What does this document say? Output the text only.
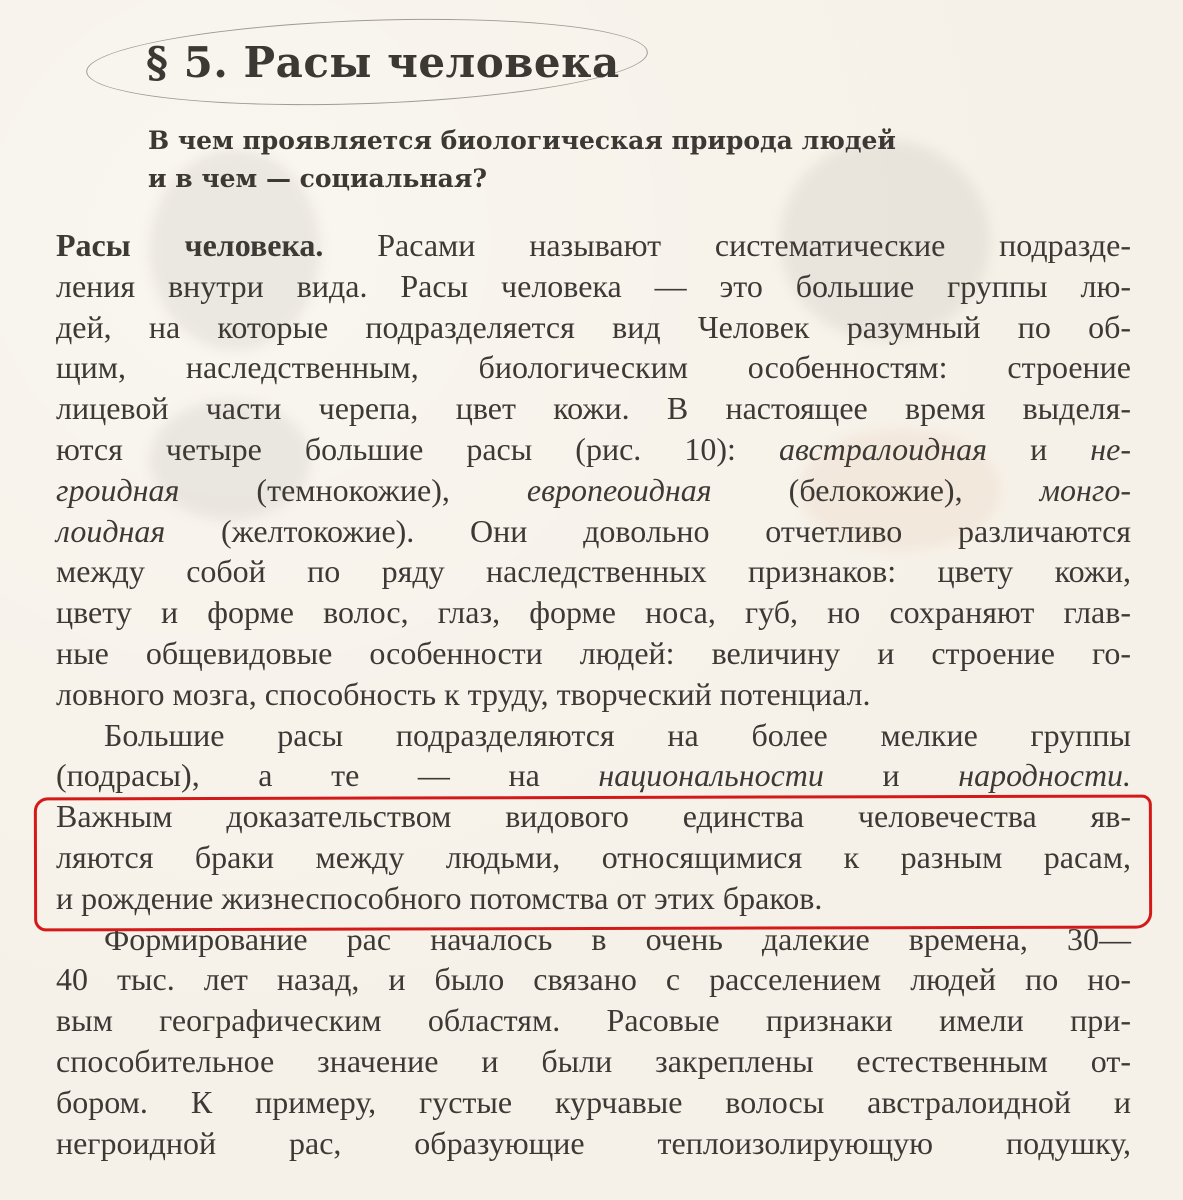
§ 5. Расы человека
В чем проявляется биологическая природа людей
и в чем — социальная?
Расы человека. Расами называют систематические подразде-
ления внутри вида. Расы человека — это большие группы лю-
дей, на которые подразделяется вид Человек разумный по об-
щим, наследственным, биологическим особенностям: строение
лицевой части черепа, цвет кожи. В настоящее время выделя-
ются четыре большие расы (рис. 10): австралоидная и не-
гроидная (темнокожие), европеоидная (белокожие), монго-
лоидная (желтокожие). Они довольно отчетливо различаются
между собой по ряду наследственных признаков: цвету кожи,
цвету и форме волос, глаз, форме носа, губ, но сохраняют глав-
ные общевидовые особенности людей: величину и строение го-
ловного мозга, способность к труду, творческий потенциал.
Большие расы подразделяются на более мелкие группы
(подрасы), а те — на национальности и народности.
Важным доказательством видового единства человечества яв-
ляются браки между людьми, относящимися к разным расам,
и рождение жизнеспособного потомства от этих браков.
Формирование рас началось в очень далекие времена, 30—
40 тыс. лет назад, и было связано с расселением людей по но-
вым географическим областям. Расовые признаки имели при-
способительное значение и были закреплены естественным от-
бором. К примеру, густые курчавые волосы австралоидной и
негроидной рас, образующие теплоизолирующую подушку,
